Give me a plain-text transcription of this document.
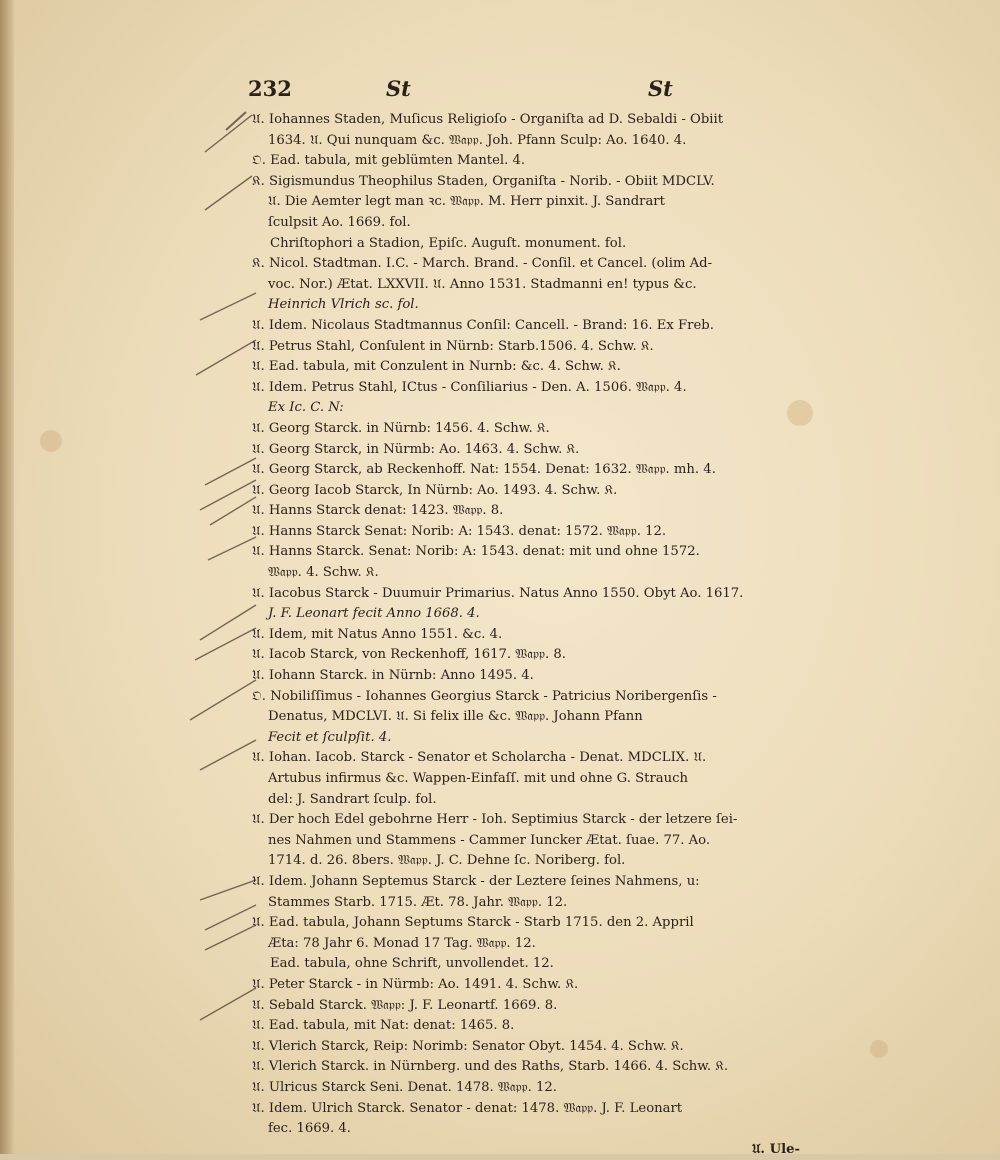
232	St	St
𝔘. Iohannes Staden, Muſicus Religioſo - Organiſta ad D. Sebaldi - Obiit
1634. 𝔘. Qui nunquam &c. 𝔚𝔞𝔭𝔭. Joh. Pfann Sculp: Ao. 1640. 4.
𝔒. Ead. tabula, mit geblümten Mantel. 4.
𝔎. Sigismundus Theophilus Staden, Organiſta - Norib. - Obiit MDCLV.
𝔘. Die Aemter legt man ꝛc. 𝔚𝔞𝔭𝔭. M. Herr pinxit. J. Sandrart
ſculpsit Ao. 1669. fol.
Chriſtophori a Stadion, Epiſc. Auguſt. monument. fol.
𝔎. Nicol. Stadtman. I.C. - March. Brand. - Conſil. et Cancel. (olim Ad-
voc. Nor.) Ætat. LXXVII. 𝔘. Anno 1531. Stadmanni en! typus &c.
Heinrich Vlrich sc. fol.
𝔘. Idem. Nicolaus Stadtmannus Conſil: Cancell. - Brand: 16. Ex Freb.
𝔘. Petrus Stahl, Conſulent in Nürnb: Starb.1506. 4. Schw. 𝔎.
𝔘. Ead. tabula, mit Conzulent in Nurnb: &c. 4. Schw. 𝔎.
𝔘. Idem. Petrus Stahl, ICtus - Conſiliarius - Den. A. 1506. 𝔚𝔞𝔭𝔭. 4.
Ex Ic. C. N:
𝔘. Georg Starck. in Nürnb: 1456. 4. Schw. 𝔎.
𝔘. Georg Starck, in Nürmb: Ao. 1463. 4. Schw. 𝔎.
𝔘. Georg Starck, ab Reckenhoff. Nat: 1554. Denat: 1632. 𝔚𝔞𝔭𝔭. mh. 4.
𝔘. Georg Iacob Starck, In Nürnb: Ao. 1493. 4. Schw. 𝔎.
𝔘. Hanns Starck denat: 1423. 𝔚𝔞𝔭𝔭. 8.
𝔘. Hanns Starck Senat: Norib: A: 1543. denat: 1572. 𝔚𝔞𝔭𝔭. 12.
𝔘. Hanns Starck. Senat: Norib: A: 1543. denat: mit und ohne 1572.
𝔚𝔞𝔭𝔭. 4. Schw. 𝔎.
𝔘. Iacobus Starck - Duumuir Primarius. Natus Anno 1550. Obyt Ao. 1617.
J. F. Leonart fecit Anno 1668. 4.
𝔘. Idem, mit Natus Anno 1551. &c. 4.
𝔘. Iacob Starck, von Reckenhoff, 1617. 𝔚𝔞𝔭𝔭. 8.
𝔘. Iohann Starck. in Nürnb: Anno 1495. 4.
𝔒. Nobiliſſimus - Iohannes Georgius Starck - Patricius Noribergenſis -
Denatus, MDCLVI. 𝔘. Si felix ille &c. 𝔚𝔞𝔭𝔭. Johann Pfann
Fecit et ſculpſit. 4.
𝔘. Iohan. Iacob. Starck - Senator et Scholarcha - Denat. MDCLIX. 𝔘.
Artubus infirmus &c. Wappen-Einfaſſ. mit und ohne G. Strauch
del: J. Sandrart ſculp. fol.
𝔘. Der hoch Edel gebohrne Herr - Ioh. Septimius Starck - der letzere ſei-
nes Nahmen und Stammens - Cammer Iuncker Ætat. ſuae. 77. Ao.
1714. d. 26. 8bers. 𝔚𝔞𝔭𝔭. J. C. Dehne ſc. Noriberg. fol.
𝔘. Idem. Johann Septemus Starck - der Leztere ſeines Nahmens, u:
Stammes Starb. 1715. Æt. 78. Jahr. 𝔚𝔞𝔭𝔭. 12.
𝔘. Ead. tabula, Johann Septums Starck - Starb 1715. den 2. Appril
Æta: 78 Jahr 6. Monad 17 Tag. 𝔚𝔞𝔭𝔭. 12.
Ead. tabula, ohne Schrift, unvollendet. 12.
𝔘. Peter Starck - in Nürmb: Ao. 1491. 4. Schw. 𝔎.
𝔘. Sebald Starck. 𝔚𝔞𝔭𝔭: J. F. Leonartf. 1669. 8.
𝔘. Ead. tabula, mit Nat: denat: 1465. 8.
𝔘. Vlerich Starck, Reip: Norimb: Senator Obyt. 1454. 4. Schw. 𝔎.
𝔘. Vlerich Starck. in Nürnberg. und des Raths, Starb. 1466. 4. Schw. 𝔎.
𝔘. Ulricus Starck Seni. Denat. 1478. 𝔚𝔞𝔭𝔭. 12.
𝔘. Idem. Ulrich Starck. Senator - denat: 1478. 𝔚𝔞𝔭𝔭. J. F. Leonart
fec. 1669. 4.
𝔘. Ule-
